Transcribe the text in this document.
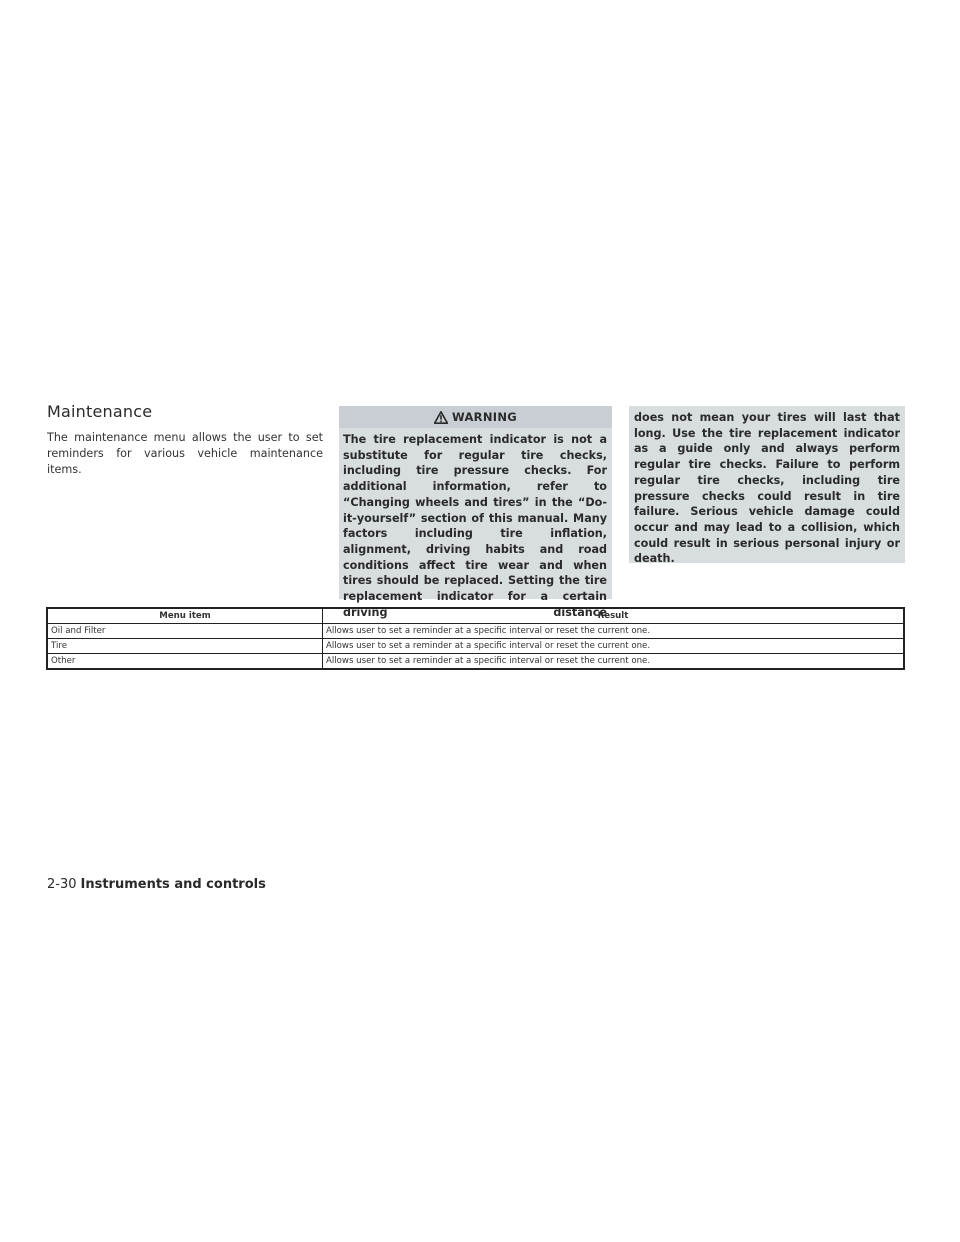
Maintenance

The maintenance menu allows the user to set reminders for various vehicle maintenance items.

WARNING

The tire replacement indicator is not a substitute for regular tire checks, including tire pressure checks. For additional information, refer to “Changing wheels and tires” in the “Do-it-yourself” section of this manual. Many factors including tire inflation, alignment, driving habits and road conditions affect tire wear and when tires should be replaced. Setting the tire replacement indicator for a certain driving distance

does not mean your tires will last that long. Use the tire replacement indicator as a guide only and always perform regular tire checks. Failure to perform regular tire checks, including tire pressure checks could result in tire failure. Serious vehicle damage could occur and may lead to a collision, which could result in serious personal injury or death.

Menu item	Result
Oil and Filter	Allows user to set a reminder at a specific interval or reset the current one.
Tire	Allows user to set a reminder at a specific interval or reset the current one.
Other	Allows user to set a reminder at a specific interval or reset the current one.
2-30 Instruments and controls
